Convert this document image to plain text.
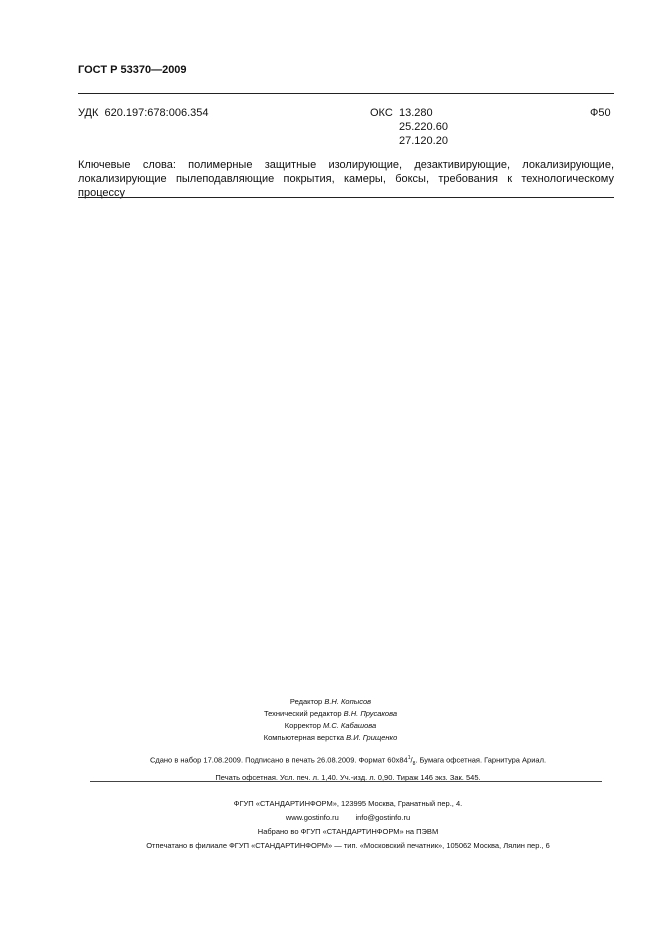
ГОСТ Р 53370—2009
УДК 620.197:678:006.354	ОКС 13.280
25.220.60
27.120.20
Ф50
Ключевые слова: полимерные защитные изолирующие, дезактивирующие, локализирующие, локализирующие пылеподавляющие покрытия, камеры, боксы, требования к технологическому процессу
Редактор В.Н. Копысов
Технический редактор В.Н. Прусакова
Корректор М.С. Кабашова
Компьютерная верстка В.И. Грищенко
Сдано в набор 17.08.2009. Подписано в печать 26.08.2009. Формат $60x84^1/_8$. Бумага офсетная. Гарнитура Ариал.
Печать офсетная. Усл. печ. л. 1,40. Уч.-изд. л. 0,90. Тираж 146 экз. Зак. 545.
ФГУП «СТАНДАРТИНФОРМ», 123995 Москва, Гранатный пер., 4.
www.gostinfo.ru        info@gostinfo.ru
Набрано во ФГУП «СТАНДАРТИНФОРМ» на ПЭВМ
Отпечатано в филиале ФГУП «СТАНДАРТИНФОРМ» — тип. «Московский печатник», 105062 Москва, Лялин пер., 6
